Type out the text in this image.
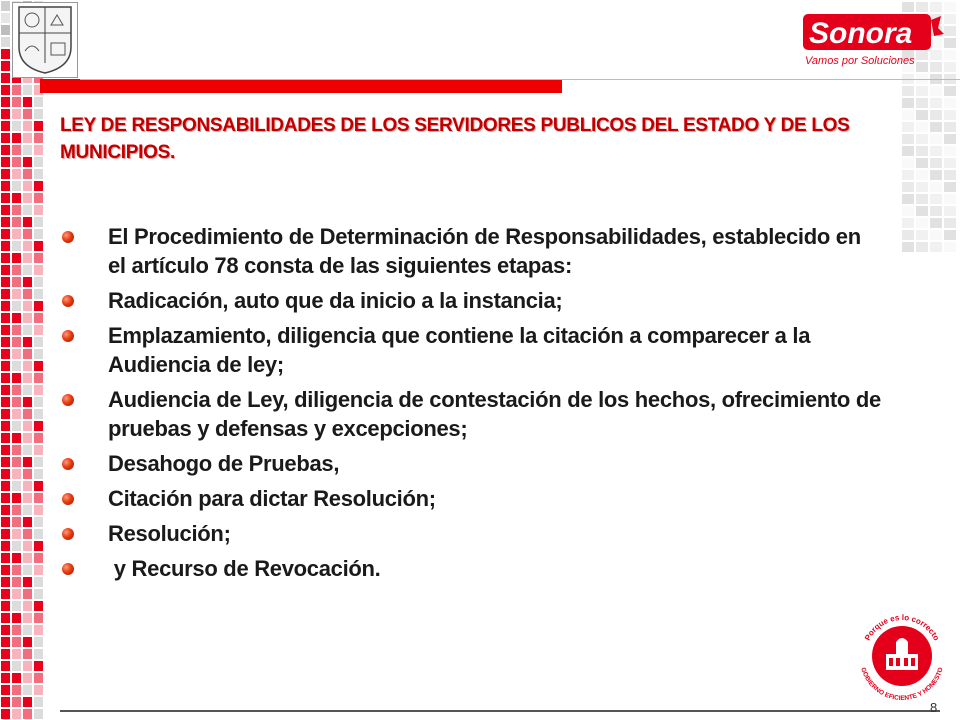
Sonora
Vamos por Soluciones
LEY DE RESPONSABILIDADES DE LOS SERVIDORES PUBLICOS DEL ESTADO Y DE LOS MUNICIPIOS.
El Procedimiento de Determinación de Responsabilidades, establecido en el artículo 78 consta de las siguientes etapas:
Radicación, auto que da inicio a la instancia;
Emplazamiento, diligencia que contiene la citación a comparecer a la Audiencia de ley;
Audiencia de Ley, diligencia de contestación de los hechos, ofrecimiento de pruebas y defensas y excepciones;
Desahogo de Pruebas,
Citación para dictar Resolución;
Resolución;
y Recurso de Revocación.
Porque es lo correcto
GOBIERNO EFICIENTE Y HONESTO
8
